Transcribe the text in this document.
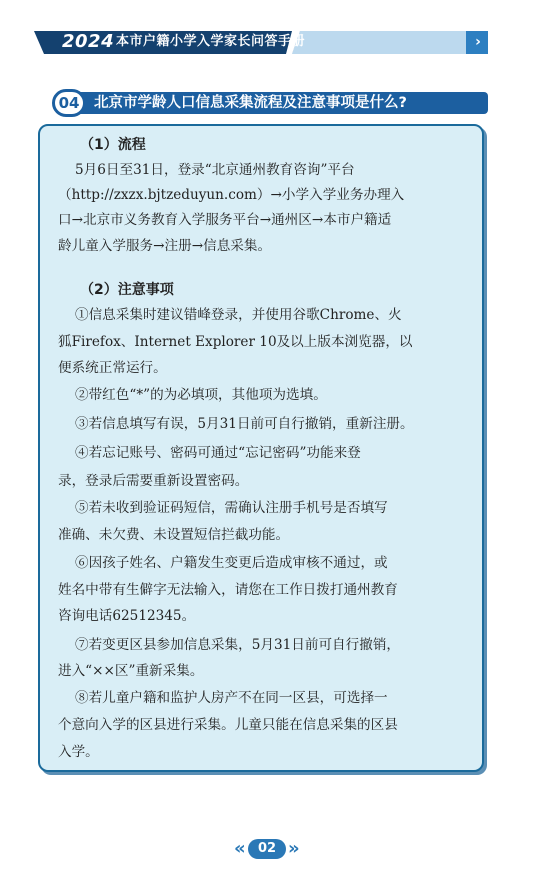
2024 本市户籍小学入学家长问答手册	›
04	北京市学龄人口信息采集流程及注意事项是什么?
（1）流程
5月6日至31日，登录“北京通州教育咨询”平台
（http://zxzx.bjtzeduyun.com）→小学入学业务办理入
口→北京市义务教育入学服务平台→通州区→本市户籍适
龄儿童入学服务→注册→信息采集。
（2）注意事项
①信息采集时建议错峰登录，并使用谷歌Chrome、火
狐Firefox、Internet Explorer 10及以上版本浏览器，以
便系统正常运行。
②带红色“*”的为必填项，其他项为选填。
③若信息填写有误，5月31日前可自行撤销，重新注册。
④若忘记账号、密码可通过“忘记密码”功能来登
录，登录后需要重新设置密码。
⑤若未收到验证码短信，需确认注册手机号是否填写
准确、未欠费、未设置短信拦截功能。
⑥因孩子姓名、户籍发生变更后造成审核不通过，或
姓名中带有生僻字无法输入，请您在工作日拨打通州教育
咨询电话62512345。
⑦若变更区县参加信息采集，5月31日前可自行撤销，
进入“××区”重新采集。
⑧若儿童户籍和监护人房产不在同一区县，可选择一
个意向入学的区县进行采集。儿童只能在信息采集的区县
入学。
« 02 »
